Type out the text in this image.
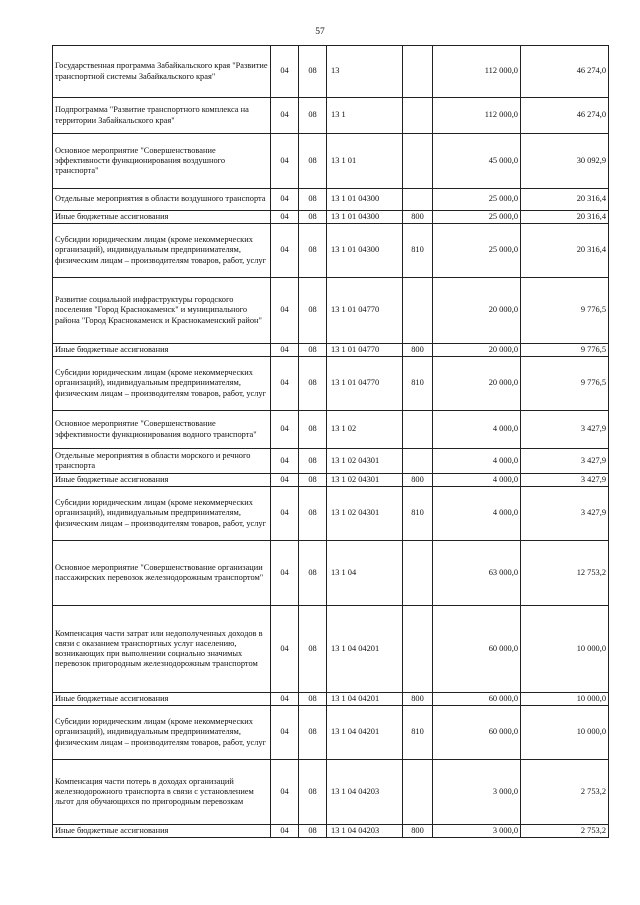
57
Государственная программа Забайкальского края "Развитие транспортной системы Забайкальского края"	04	08	13		112 000,0	46 274,0
Подпрограмма "Развитие транспортного комплекса на территории Забайкальского края"	04	08	13 1		112 000,0	46 274,0
Основное мероприятие "Совершенствование эффективности функционирования воздушного транспорта"	04	08	13 1 01		45 000,0	30 092,9
Отдельные мероприятия в области воздушного транспорта	04	08	13 1 01 04300		25 000,0	20 316,4
Иные бюджетные ассигнования	04	08	13 1 01 04300	800	25 000,0	20 316,4
Субсидии юридическим лицам (кроме некоммерческих организаций), индивидуальным предпринимателям, физическим лицам – производителям товаров, работ, услуг	04	08	13 1 01 04300	810	25 000,0	20 316,4
Развитие социальной инфраструктуры городского поселения "Город Краснокаменск" и муниципального района "Город Краснокаменск и Краснокаменский район"	04	08	13 1 01 04770		20 000,0	9 776,5
Иные бюджетные ассигнования	04	08	13 1 01 04770	800	20 000,0	9 776,5
Субсидии юридическим лицам (кроме некоммерческих организаций), индивидуальным предпринимателям, физическим лицам – производителям товаров, работ, услуг	04	08	13 1 01 04770	810	20 000,0	9 776,5
Основное мероприятие "Совершенствование эффективности функционирования водного транспорта"	04	08	13 1 02		4 000,0	3 427,9
Отдельные мероприятия в области морского и речного транспорта	04	08	13 1 02 04301		4 000,0	3 427,9
Иные бюджетные ассигнования	04	08	13 1 02 04301	800	4 000,0	3 427,9
Субсидии юридическим лицам (кроме некоммерческих организаций), индивидуальным предпринимателям, физическим лицам – производителям товаров, работ, услуг	04	08	13 1 02 04301	810	4 000,0	3 427,9
Основное мероприятие "Совершенствование организации пассажирских перевозок железнодорожным транспортом"	04	08	13 1 04		63 000,0	12 753,2
Компенсация части затрат или недополученных доходов в связи с оказанием транспортных услуг населению, возникающих при выполнении социально значимых перевозок пригородным железнодорожным транспортом	04	08	13 1 04 04201		60 000,0	10 000,0
Иные бюджетные ассигнования	04	08	13 1 04 04201	800	60 000,0	10 000,0
Субсидии юридическим лицам (кроме некоммерческих организаций), индивидуальным предпринимателям, физическим лицам – производителям товаров, работ, услуг	04	08	13 1 04 04201	810	60 000,0	10 000,0
Компенсация части потерь в доходах организаций железнодорожного транспорта в связи с установлением льгот для обучающихся по пригородным перевозкам	04	08	13 1 04 04203		3 000,0	2 753,2
Иные бюджетные ассигнования	04	08	13 1 04 04203	800	3 000,0	2 753,2
